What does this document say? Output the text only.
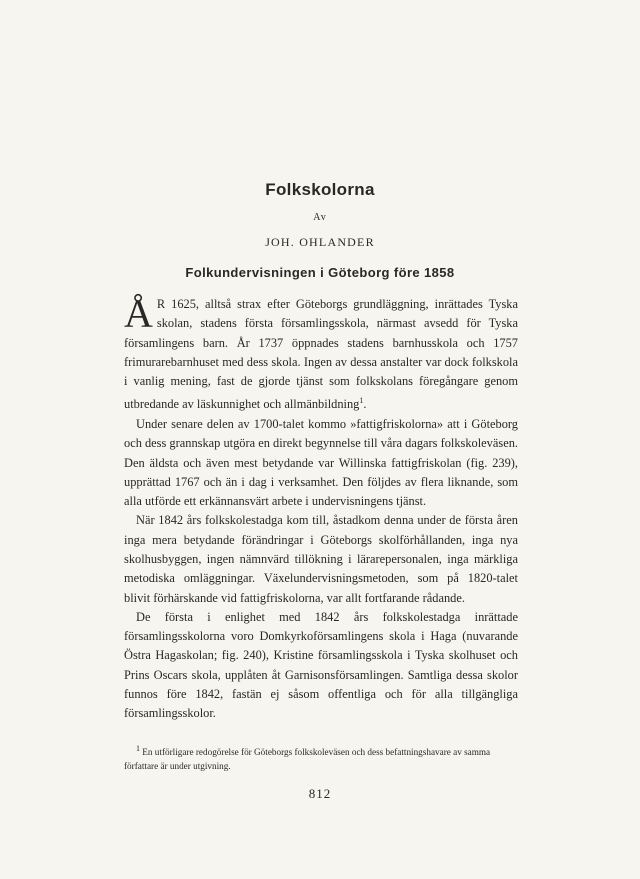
Folkskolorna
Av
JOH. OHLANDER
Folkundervisningen i Göteborg före 1858

Å R 1625, alltså strax efter Göteborgs grundläggning, inrättades Tyska skolan, stadens första församlingsskola, närmast avsedd för Tyska församlingens barn. År 1737 öppnades stadens barnhusskola och 1757 frimurarebarnhuset med dess skola. Ingen av dessa anstalter var dock folkskola i vanlig mening, fast de gjorde tjänst som folkskolans föregångare genom utbredande av läskunnighet och allmänbildning$^1$.

Under senare delen av 1700-talet kommo »fattigfriskolorna» att i Göteborg och dess grannskap utgöra en direkt begynnelse till våra dagars folkskoleväsen. Den äldsta och även mest betydande var Willinska fattigfriskolan (fig. 239), upprättad 1767 och än i dag i verksamhet. Den följdes av flera liknande, som alla utförde ett erkännansvärt arbete i undervisningens tjänst.

När 1842 års folkskolestadga kom till, åstadkom denna under de första åren inga mera betydande förändringar i Göteborgs skolförhållanden, inga nya skolhusbyggen, ingen nämnvärd tillökning i lärarepersonalen, inga märkliga metodiska omläggningar. Växelundervisningsmetoden, som på 1820-talet blivit förhärskande vid fattigfriskolorna, var allt fortfarande rådande.

De första i enlighet med 1842 års folkskolestadga inrättade församlingsskolorna voro Domkyrkoförsamlingens skola i Haga (nuvarande Östra Hagaskolan; fig. 240), Kristine församlingsskola i Tyska skolhuset och Prins Oscars skola, upplåten åt Garnisonsförsamlingen. Samtliga dessa skolor funnos före 1842, fastän ej såsom offentliga och för alla tillgängliga församlingsskolor.

$^1$ En utförligare redogörelse för Göteborgs folkskoleväsen och dess befattningshavare av samma författare är under utgivning.
812
